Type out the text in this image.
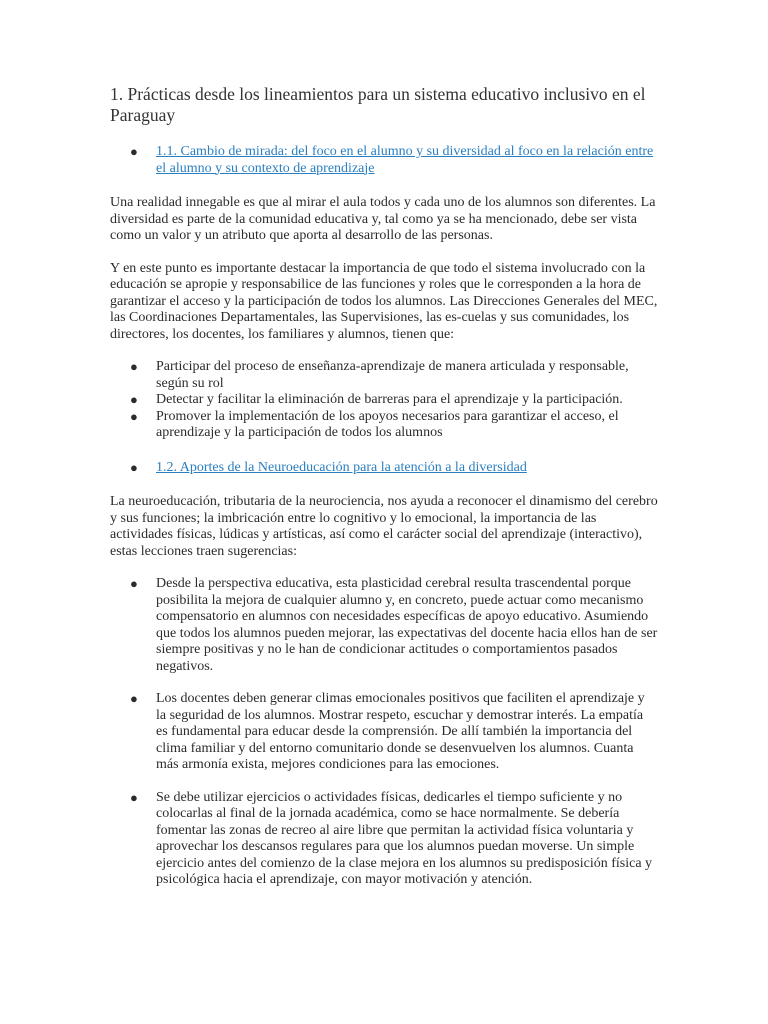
1. Prácticas desde los lineamientos para un sistema educativo inclusivo en el Paraguay
● 1.1. Cambio de mirada: del foco en el alumno y su diversidad al foco en la relación entre el alumno y su contexto de aprendizaje

Una realidad innegable es que al mirar el aula todos y cada uno de los alumnos son diferentes. La diversidad es parte de la comunidad educativa y, tal como ya se ha mencionado, debe ser vista como un valor y un atributo que aporta al desarrollo de las personas.

Y en este punto es importante destacar la importancia de que todo el sistema involucrado con la educación se apropie y responsabilice de las funciones y roles que le corresponden a la hora de garantizar el acceso y la participación de todos los alumnos. Las Direcciones Generales del MEC, las Coordinaciones Departamentales, las Supervisiones, las es-cuelas y sus comunidades, los directores, los docentes, los familiares y alumnos, tienen que:

● Participar del proceso de enseñanza-aprendizaje de manera articulada y responsable, según su rol
● Detectar y facilitar la eliminación de barreras para el aprendizaje y la participación.
● Promover la implementación de los apoyos necesarios para garantizar el acceso, el aprendizaje y la participación de todos los alumnos
● 1.2. Aportes de la Neuroeducación para la atención a la diversidad

La neuroeducación, tributaria de la neurociencia, nos ayuda a reconocer el dinamismo del cerebro y sus funciones; la imbricación entre lo cognitivo y lo emocional, la importancia de las actividades físicas, lúdicas y artísticas, así como el carácter social del aprendizaje (interactivo), estas lecciones traen sugerencias:

● Desde la perspectiva educativa, esta plasticidad cerebral resulta trascendental porque posibilita la mejora de cualquier alumno y, en concreto, puede actuar como mecanismo compensatorio en alumnos con necesidades específicas de apoyo educativo. Asumiendo que todos los alumnos pueden mejorar, las expectativas del docente hacia ellos han de ser siempre positivas y no le han de condicionar actitudes o comportamientos pasados negativos.
● Los docentes deben generar climas emocionales positivos que faciliten el aprendizaje y la seguridad de los alumnos. Mostrar respeto, escuchar y demostrar interés. La empatía es fundamental para educar desde la comprensión. De allí también la importancia del clima familiar y del entorno comunitario donde se desenvuelven los alumnos. Cuanta más armonía exista, mejores condiciones para las emociones.
● Se debe utilizar ejercicios o actividades físicas, dedicarles el tiempo suficiente y no colocarlas al final de la jornada académica, como se hace normalmente. Se debería fomentar las zonas de recreo al aire libre que permitan la actividad física voluntaria y aprovechar los descansos regulares para que los alumnos puedan moverse. Un simple ejercicio antes del comienzo de la clase mejora en los alumnos su predisposición física y psicológica hacia el aprendizaje, con mayor motivación y atención.
